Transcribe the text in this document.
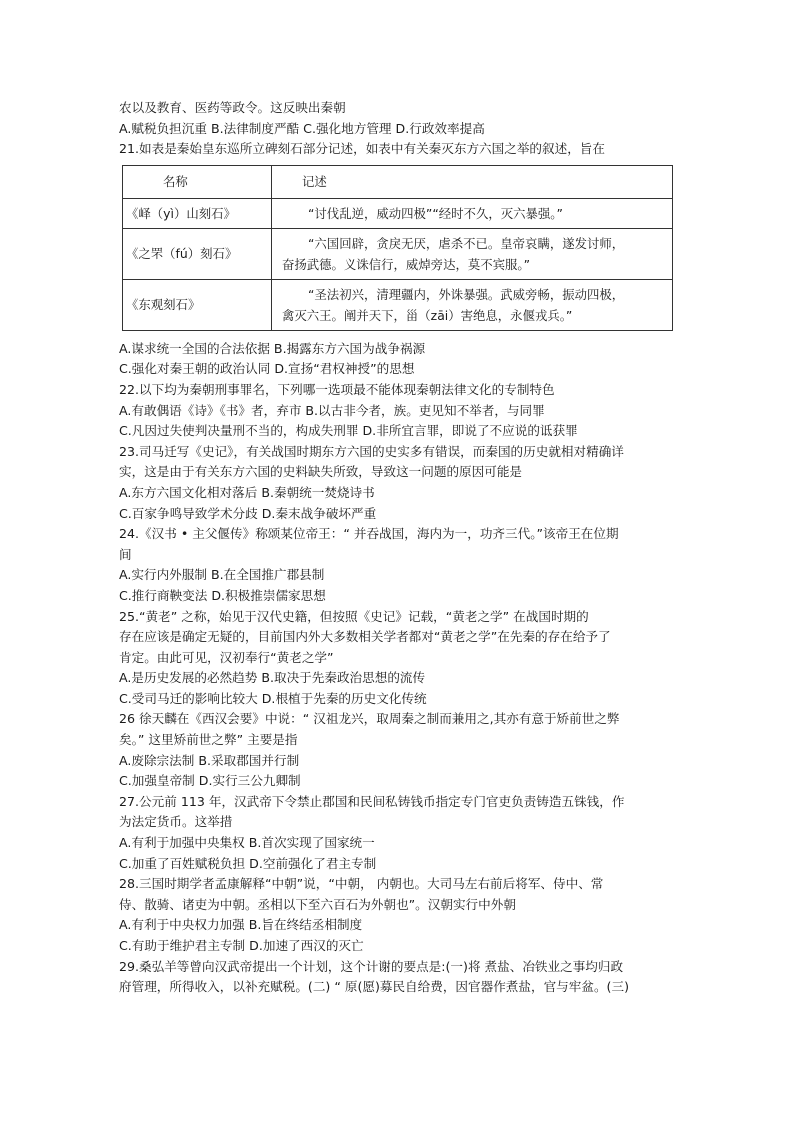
农以及教育、医药等政令。这反映出秦朝
A.赋税负担沉重 B.法律制度严酷 C.强化地方管理 D.行政效率提高
21.如表是秦始皇东巡所立碑刻石部分记述，如表中有关秦灭东方六国之举的叙述，旨在
名称	记述
《峄（yì）山刻石》	“讨伐乱逆，威动四极”“经时不久，灭六暴强。”

《之罘（fú）刻石》	“六国回辟，贪戾无厌，虐杀不已。皇帝哀瞒，遂发讨师，
奋扬武德。义诛信行，威焯旁达，莫不宾服。”

《东观刻石》	“圣法初兴，清理疆内，外诛暴强。武威旁畅，振动四极，
禽灭六王。阐并天下，甾（zāi）害绝息，永偃戎兵。”
A.谋求统一全国的合法依据 B.揭露东方六国为战争祸源
C.强化对秦王朝的政治认同 D.宣扬“君权神授”的思想
22.以下均为秦朝刑事罪名，下列哪一选项最不能体现秦朝法律文化的专制特色
A.有敢偶语《诗》《书》者，弃市 B.以古非今者，族。吏见知不举者，与同罪
C.凡因过失使判决量刑不当的，构成失刑罪 D.非所宜言罪，即说了不应说的诋获罪
23.司马迁写《史记》，有关战国时期东方六国的史实多有错误，而秦国的历史就相对精确详
实，这是由于有关东方六国的史料缺失所致，导致这一问题的原因可能是
A.东方六国文化相对落后 B.秦朝统一焚烧诗书
C.百家争鸣导致学术分歧 D.秦末战争破坏严重
24.《汉书 • 主父偃传》称颂某位帝王：“ 并吞战国，海内为一，功齐三代。”该帝王在位期
间
A.实行内外服制 B.在全国推广郡县制
C.推行商鞅变法 D.积极推崇儒家思想
25.“黄老” 之称，始见于汉代史籍，但按照《史记》记载，“黄老之学” 在战国时期的
存在应该是确定无疑的，目前国内外大多数相关学者都对“黄老之学”在先秦的存在给予了
肯定。由此可见，汉初奉行“黄老之学”
A.是历史发展的必然趋势 B.取决于先秦政治思想的流传
C.受司马迁的影响比较大 D.根植于先秦的历史文化传统
26 徐天麟在《西汉会要》中说：“ 汉祖龙兴，取周秦之制而兼用之,其亦有意于矫前世之弊
矣。” 这里矫前世之弊” 主要是指
A.废除宗法制 B.采取郡国并行制
C.加强皇帝制 D.实行三公九卿制
27.公元前 113 年，汉武帝下令禁止郡国和民间私铸钱币指定专门官吏负责铸造五铢钱，作
为法定货币。这举措
A.有利于加强中央集权 B.首次实现了国家统一
C.加重了百姓赋税负担 D.空前强化了君主专制
28.三国时期学者孟康解释“中朝”说，“中朝， 内朝也。大司马左右前后将军、侍中、常
侍、散骑、诸吏为中朝。丞相以下至六百石为外朝也”。汉朝实行中外朝
A.有利于中央权力加强 B.旨在终结丞相制度
C.有助于维护君主专制 D.加速了西汉的灭亡
29.桑弘羊等曾向汉武帝提出一个计划，这个计谢的要点是:(一)将 煮盐、冶铁业之事均归政
府管理，所得收入，以补充赋税。(二) “ 原(愿)募民自给费，因官器作煮盐，官与牢盆。(三)
